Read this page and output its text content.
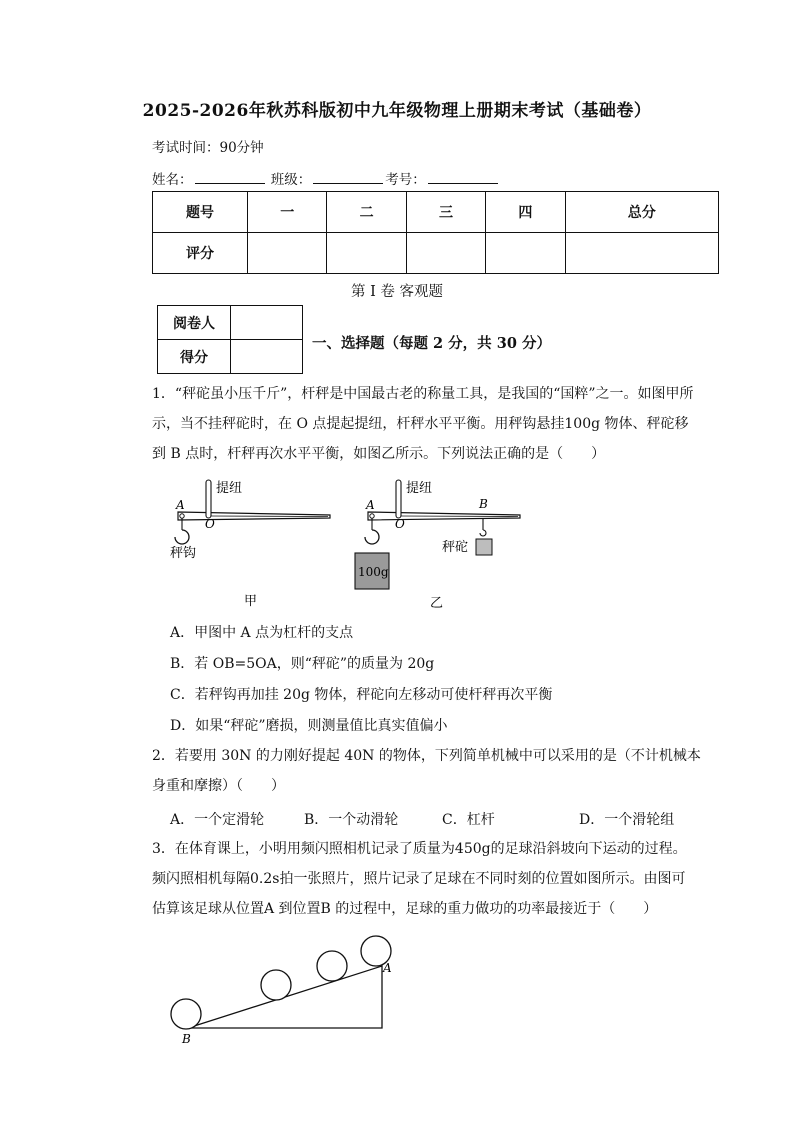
2025-2026年秋苏科版初中九年级物理上册期末考试（基础卷）
考试时间：90分钟
姓名：	班级：	考号：
题号	一	二	三	四	总分
评分					
第 I 卷 客观题
阅卷人	
得分	
一、选择题（每题 2 分，共 30 分）
1．“秤砣虽小压千斤”，杆秤是中国最古老的称量工具，是我国的“国粹”之一。如图甲所
示，当不挂秤砣时，在 O 点提起提纽，杆秤水平平衡。用秤钩悬挂100g 物体、秤砣移
到 B 点时，杆秤再次水平平衡，如图乙所示。下列说法正确的是（　　）
A
O
提纽
秤钩
100g
A
O
B
提纽
秤砣
甲	乙
A．甲图中 A 点为杠杆的支点
B．若 OB=5OA，则“秤砣”的质量为 20g
C．若秤钩再加挂 20g 物体，秤砣向左移动可使杆秤再次平衡
D．如果“秤砣”磨损，则测量值比真实值偏小
2．若要用 30N 的力刚好提起 40N 的物体，下列简单机械中可以采用的是（不计机械本
身重和摩擦）（　　）
A．一个定滑轮	B．一个动滑轮	C．杠杆	D．一个滑轮组
3．在体育课上，小明用频闪照相机记录了质量为450g的足球沿斜坡向下运动的过程。
频闪照相机每隔0.2s拍一张照片，照片记录了足球在不同时刻的位置如图所示。由图可
估算该足球从位置A 到位置B 的过程中，足球的重力做功的功率最接近于（　　）
A
B
